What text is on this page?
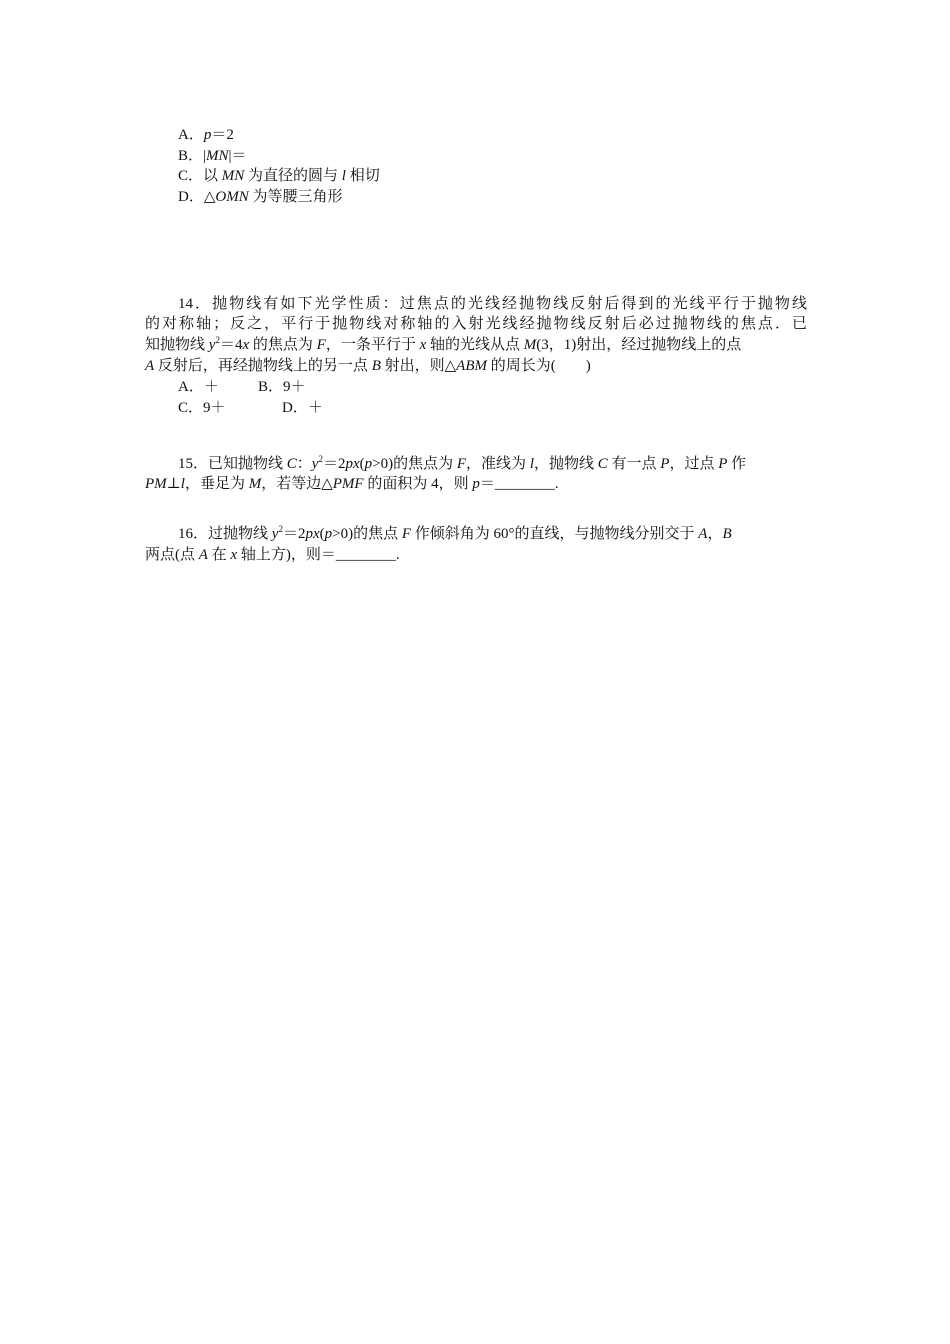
A．p＝2
B．|MN|＝
C．以 MN 为直径的圆与 l 相切
D．△OMN 为等腰三角形
14．抛物线有如下光学性质：过焦点的光线经抛物线反射后得到的光线平行于抛物线
的对称轴；反之，平行于抛物线对称轴的入射光线经抛物线反射后必过抛物线的焦点．已
知抛物线 $y^2=4x$ 的焦点为 F，一条平行于 x 轴的光线从点 M(3，1)射出，经过抛物线上的点
A 反射后，再经抛物线上的另一点 B 射出，则△ABM 的周长为(　　)
A．＋	B．9＋
C．9＋	D．＋
15．已知抛物线 C：$y^2=2px(p>0)$的焦点为 F，准线为 l，抛物线 C 有一点 P，过点 P 作
PM⊥l，垂足为 M，若等边△PMF 的面积为 4，则 p＝________.
16．过抛物线 $y^2=2px(p>0)$的焦点 F 作倾斜角为 60°的直线，与抛物线分别交于 A，B
两点(点 A 在 x 轴上方)，则＝________.
